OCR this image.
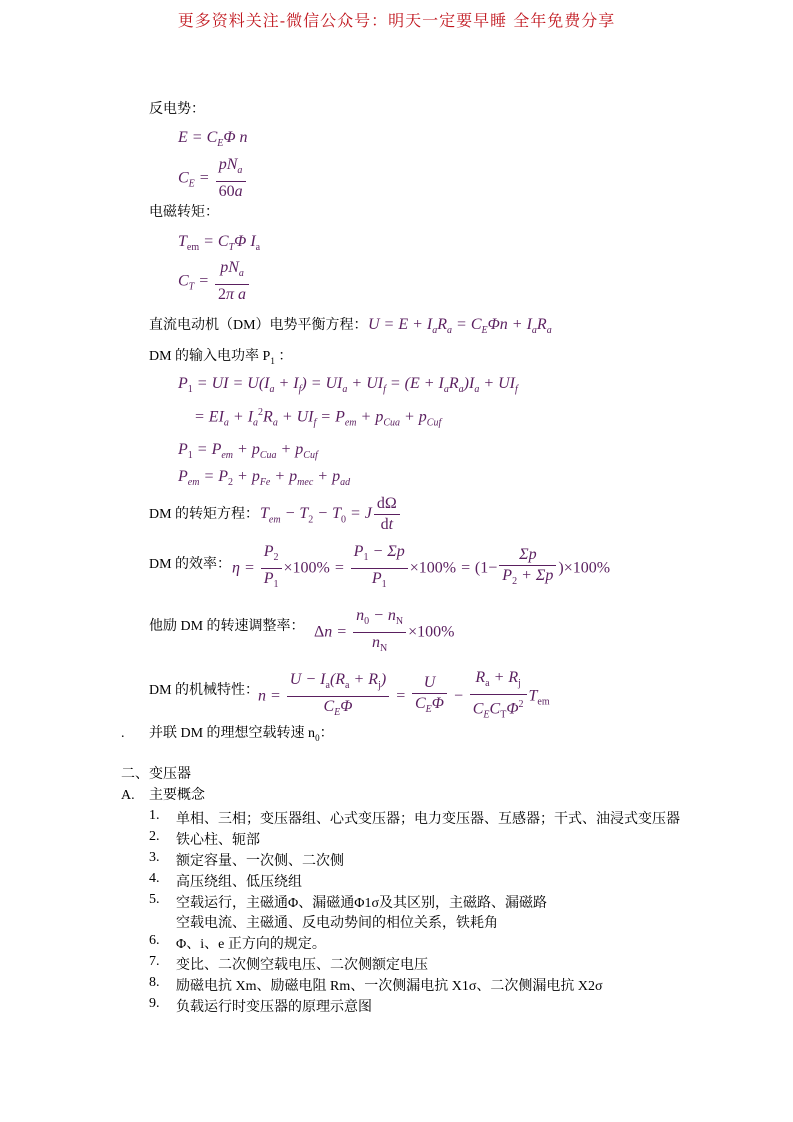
更多资料关注-微信公众号：明天一定要早睡 全年免费分享
反电势：
$E = C_E\Phi$ n
$C_E = \frac{pN_a}{60a}$
电磁转矩：
$T_{em} = C_T\Phi$ $I_a$
$C_T = \frac{pN_a}{\text{2π a}}$
直流电动机（DM）电势平衡方程： $U = E + I_aR_a = C_E\Phi n + I_aR_a$
DM 的输入电功率 $P_1$ ：
$P_1$ = UI = $U(I_a + I_f) = UI_a + UI_f = (E + I_aR_a)I_a + UI_f$
= $EI_a + I_a^2R_a + UI_f = P_{em} + p_{Cua} + p_{Cuf}$
$P_1 = P_{em} + p_{Cua} + p_{Cuf}$
$P_{em} = P_2 + p_{Fe} + p_{mec} + p_{ad}$
DM 的转矩方程： $T_{em} - T_2 - T_0 = J \frac{d\Omega}{dt}$
DM 的效率： $\eta = \frac{P_2}{P_1} \times 100\% = \frac{P_1 - \Sigma p}{P_1} \times 100\% = (1- \frac{\Sigma p}{P_2 + \Sigma p} )\times 100\%$
他励 DM 的转速调整率： $\Delta n = \frac{n_0 - n_N}{n_N} \times 100\%$
DM 的机械特性：
$n = \frac{U - I_a(R_a + R_j)}{C_E\Phi} = \frac{U}{C_E\Phi} - \frac{R_a + R_j}{C_EC_T\Phi^2} T_{em}$
. 并联 DM 的理想空载转速 $n_0$：
二、变压器
A. 主要概念
1. 单相、三相；变压器组、心式变压器；电力变压器、互感器；干式、油浸式变压器
2. 铁心柱、轭部
3. 额定容量、一次侧、二次侧
4. 高压绕组、低压绕组
5. 空载运行，主磁通Φ、漏磁通Φ1σ及其区别，主磁路、漏磁路
空载电流、主磁通、反电动势间的相位关系，铁耗角
6. Φ、i、e 正方向的规定。
7. 变比、二次侧空载电压、二次侧额定电压
8. 励磁电抗 Xm、励磁电阻 Rm、一次侧漏电抗 X1σ、二次侧漏电抗 X2σ
9. 负载运行时变压器的原理示意图
